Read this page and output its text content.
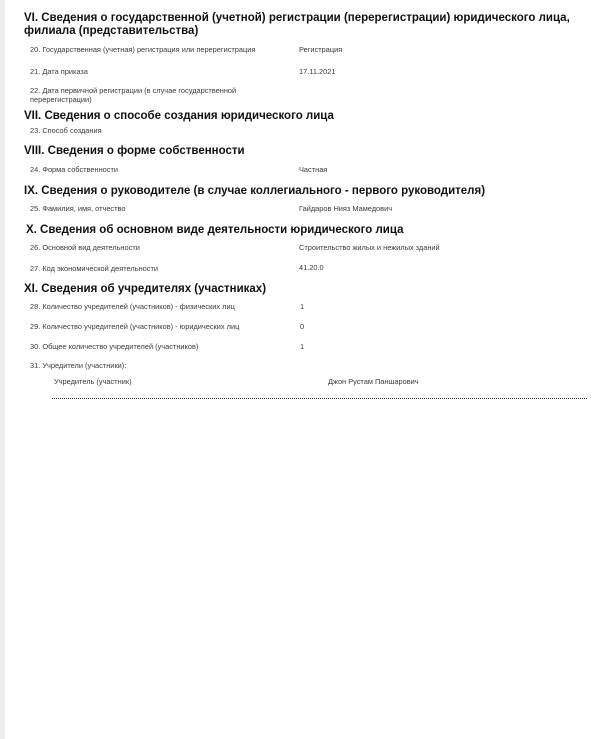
VI. Сведения о государственной (учетной) регистрации (перерегистрации) юридического лица,
филиала (представительства)
20. Государственная (учетная) регистрация или перерегистрация	Регистрация
21. Дата приказа	17.11.2021
22. Дата первичной регистрации (в случае государственной
перерегистрации)
VII. Сведения о способе создания юридического лица
23. Способ создания
VIII. Сведения о форме собственности
24. Форма собственности	Частная
IX. Сведения о руководителе (в случае коллегиального - первого руководителя)
25. Фамилия, имя, отчество	Гайдаров Нияз Мамедович
X. Сведения об основном виде деятельности юридического лица
26. Основной вид деятельности	Строительство жилых и нежилых зданий
27. Код экономической деятельности	41.20.0
XI. Сведения об учредителях (участниках)
28. Количество учредителей (участников) - физических лиц	1
29. Количество учредителей (участников) - юридических лиц	0
30. Общее количество учредителей (участников)	1
31. Учредители (участники):
Учредитель (участник)	Джон Рустам Паншарович
